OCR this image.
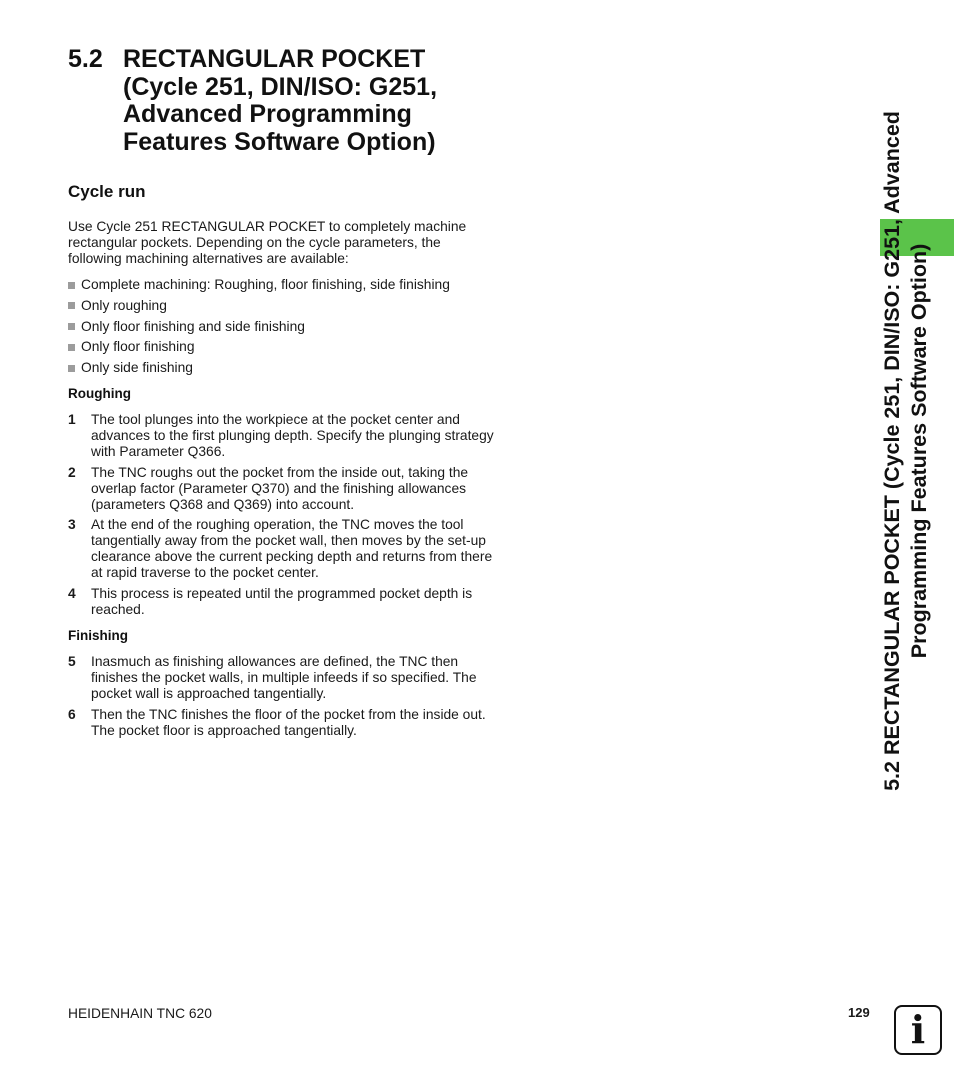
5.2 RECTANGULAR POCKET
(Cycle 251, DIN/ISO: G251,
Advanced Programming
Features Software Option)
Cycle run
Use Cycle 251 RECTANGULAR POCKET to completely machine
rectangular pockets. Depending on the cycle parameters, the
following machining alternatives are available:
Complete machining: Roughing, floor finishing, side finishing
Only roughing
Only floor finishing and side finishing
Only floor finishing
Only side finishing
Roughing
1 The tool plunges into the workpiece at the pocket center and
advances to the first plunging depth. Specify the plunging strategy
with Parameter Q366.
2 The TNC roughs out the pocket from the inside out, taking the
overlap factor (Parameter Q370) and the finishing allowances
(parameters Q368 and Q369) into account.
3 At the end of the roughing operation, the TNC moves the tool
tangentially away from the pocket wall, then moves by the set-up
clearance above the current pecking depth and returns from there
at rapid traverse to the pocket center.
4 This process is repeated until the programmed pocket depth is
reached.
Finishing
5 Inasmuch as finishing allowances are defined, the TNC then
finishes the pocket walls, in multiple infeeds if so specified. The
pocket wall is approached tangentially.
6 Then the TNC finishes the floor of the pocket from the inside out.
The pocket floor is approached tangentially.	5.2 RECTANGULAR POCKET (Cycle 251, DIN/ISO: G251, Advanced Programming Features Software Option)
HEIDENHAIN TNC 620	129 i
